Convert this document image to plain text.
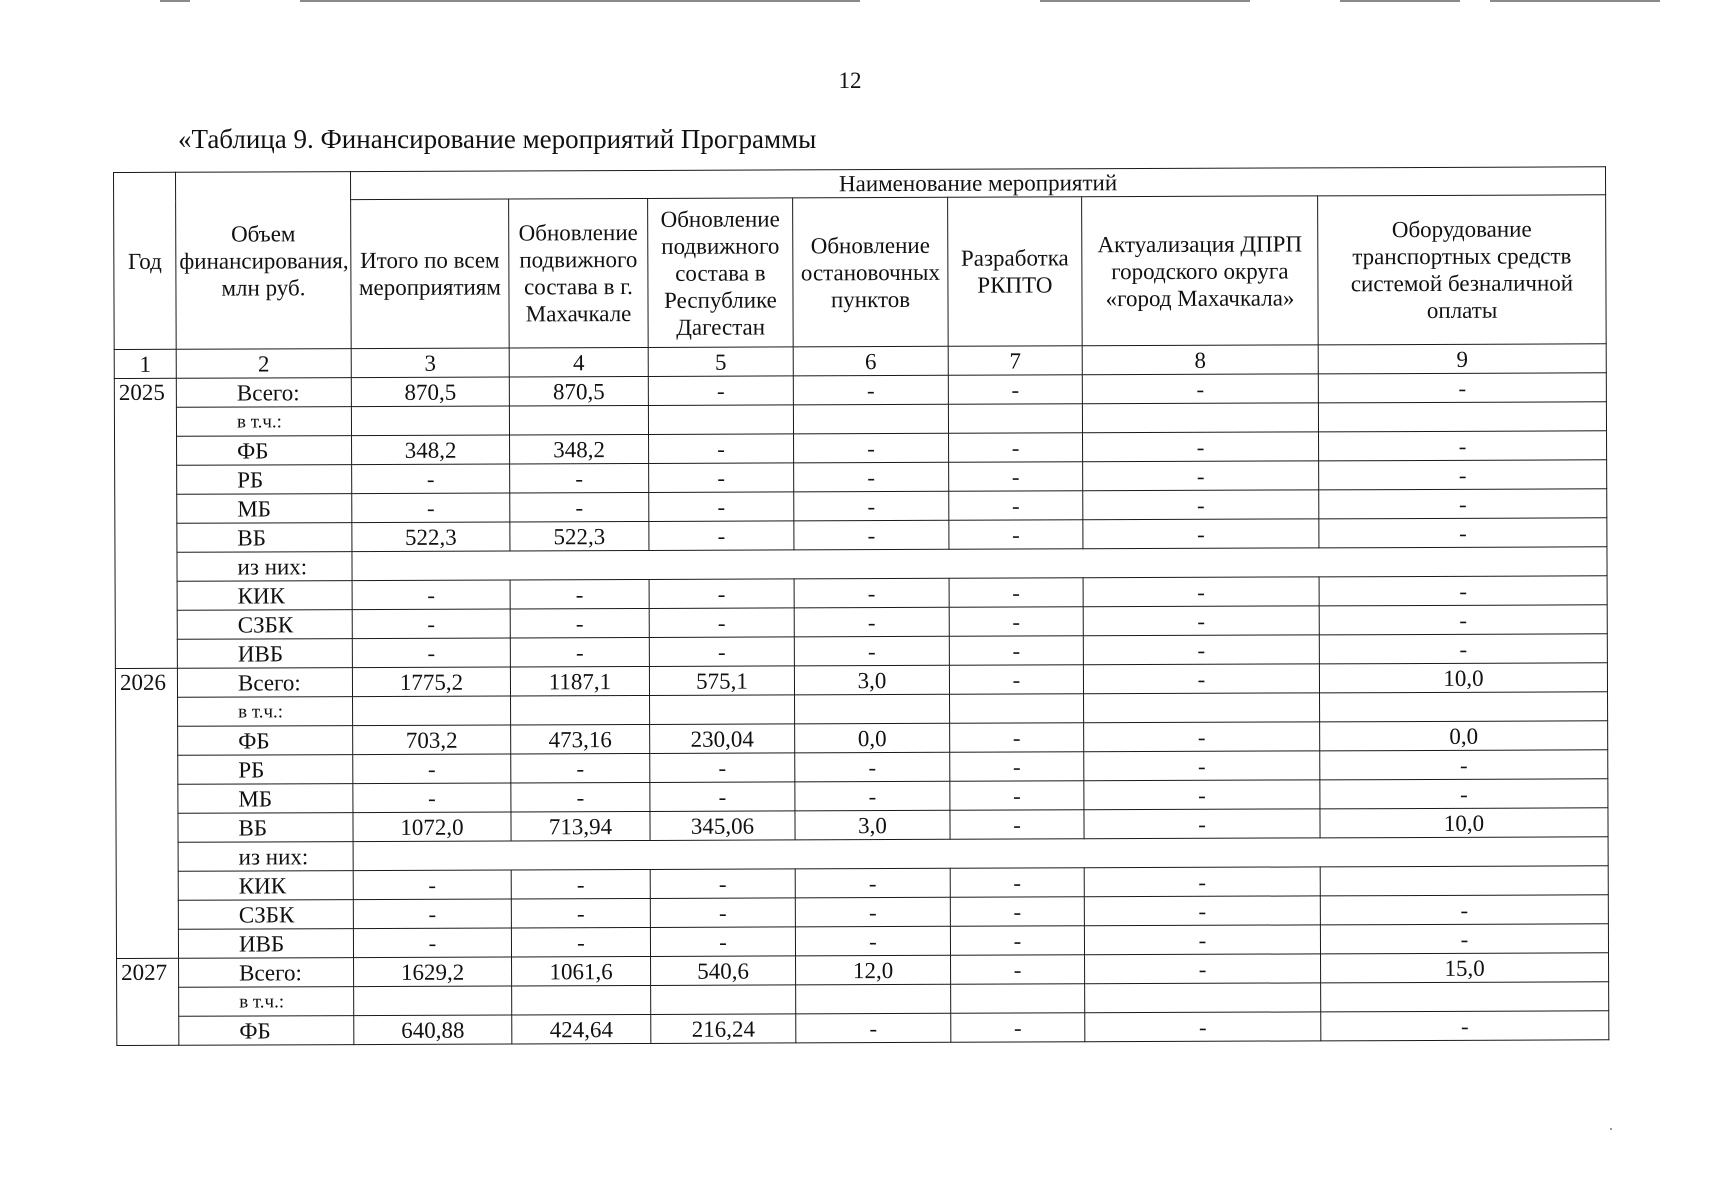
12
«Таблица 9. Финансирование мероприятий Программы
Год	Объем финансирования, млн руб.	Наименование мероприятий						
		Итого по всем мероприятиям	Обновление подвижного состава в г. Махачкале	Обновление подвижного состава в Республике Дагестан	Обновление остановочных пунктов	Разработка РКПТО	Актуализация ДПРП городского округа «город Махачкала»	Оборудование транспортных средств системой безналичной оплаты
1	2	3	4	5	6	7	8	9
2025	Всего:	870,5	870,5	-	-	-	-	-
	в т.ч.:							
	ФБ	348,2	348,2	-	-	-	-	-
	РБ	-	-	-	-	-	-	-
	МБ	-	-	-	-	-	-	-
	ВБ	522,3	522,3	-	-	-	-	-
	из них:							
	КИК	-	-	-	-	-	-	-
	СЗБК	-	-	-	-	-	-	-
	ИВБ	-	-	-	-	-	-	-
2026	Всего:	1775,2	1187,1	575,1	3,0	-	-	10,0
	в т.ч.:							
	ФБ	703,2	473,16	230,04	0,0	-	-	0,0
	РБ	-	-	-	-	-	-	-
	МБ	-	-	-	-	-	-	-
	ВБ	1072,0	713,94	345,06	3,0	-	-	10,0
	из них:							
	КИК	-	-	-	-	-	-	
	СЗБК	-	-	-	-	-	-	-
	ИВБ	-	-	-	-	-	-	-
2027	Всего:	1629,2	1061,6	540,6	12,0	-	-	15,0
	в т.ч.:							
	ФБ	640,88	424,64	216,24	-	-	-	-
